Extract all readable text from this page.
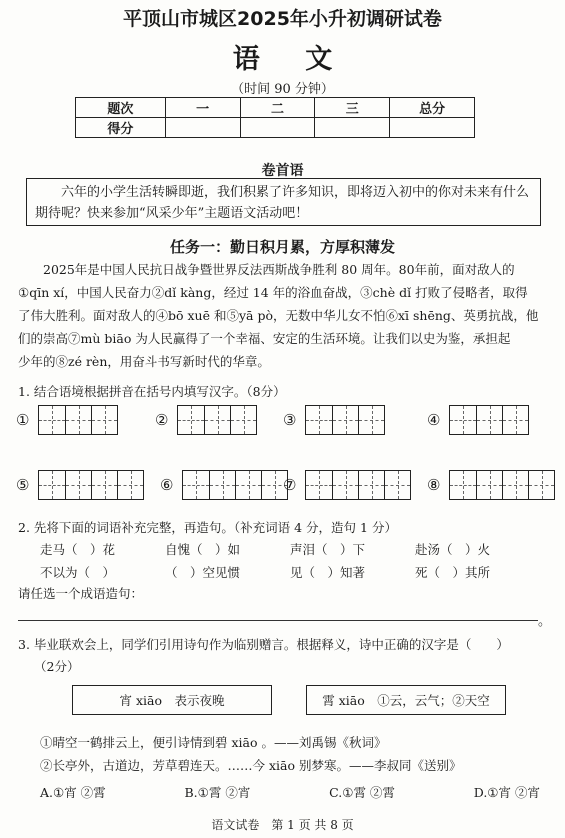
平顶山市城区2025年小升初调研试卷
语 文
（时间 90 分钟）
题次	一	二	三	总分
得分				
卷首语
六年的小学生活转瞬即逝，我们积累了许多知识，即将迈入初中的你对未来有什么期待呢？快来参加“风采少年”主题语文活动吧！
任务一：勤日积月累，方厚积薄发
2025年是中国人民抗日战争暨世界反法西斯战争胜利 80 周年。80年前，面对敌人的
①qīn xí，中国人民奋力②dǐ kàng，经过 14 年的浴血奋战，③chè dǐ 打败了侵略者，取得
了伟大胜利。面对敌人的④bō xuē 和⑤yā pò，无数中华儿女不怕⑥xī shēng、英勇抗战，他
们的崇高⑦mù biāo 为人民赢得了一个幸福、安定的生活环境。让我们以史为鉴，承担起
少年的⑧zé rèn，用奋斗书写新时代的华章。
1. 结合语境根据拼音在括号内填写汉字。（8分）
①	②	③	④
⑤	⑥	⑦	⑧
2. 先将下面的词语补充完整，再造句。（补充词语 4 分，造句 1 分）
走马（　）花	自愧（　）如	声泪（　）下	赴汤（　）火
不以为（　）	（　）空见惯	见（　）知著	死（　）其所
请任选一个成语造句：
。
3. 毕业联欢会上，同学们引用诗句作为临别赠言。根据释义，诗中正确的汉字是（　　）
（2分）
宵 xiāo　表示夜晚	霄 xiāo　①云，云气；②天空
①晴空一鹤排云上，便引诗情到碧 xiāo 。——刘禹锡《秋词》
②长亭外，古道边，芳草碧连天。……今 xiāo 别梦寒。——李叔同《送别》
A.①宵 ②霄	B.①霄 ②宵	C.①霄 ②霄	D.①宵 ②宵
语文试卷　第 1 页 共 8 页
